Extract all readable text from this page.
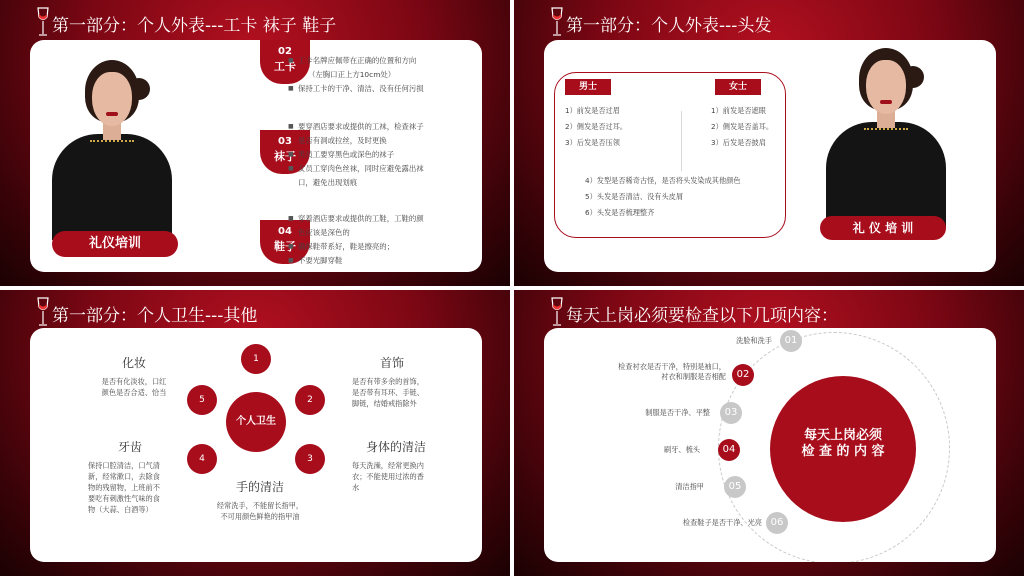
第一部分：个人外表---工卡 袜子 鞋子
礼仪培训
02
工卡
03
袜子
04
鞋子
■ 工卡名牌应佩带在正确的位置和方向
（左胸口正上方10cm处）
■ 保持工卡的干净、清洁、没有任何污损
■ 要穿酒店要求或提供的工袜，检查袜子
是否有洞或拉丝，及时更换
■ 男员工要穿黑色或深色的袜子
■ 女员工穿肉色丝袜，同时应避免露出袜
口，避免出现划痕
■ 穿着酒店要求或提供的工鞋，工鞋的颜
色应该是深色的
■ 确保鞋带系好，鞋是擦亮的；
■ 不要光脚穿鞋
第一部分：个人外表---头发
男士	女士
1）前发是否过眉
2）侧发是否过耳。
3）后发是否压领
1）前发是否遮眼
2）侧发是否盖耳。
3）后发是否披肩
4）发型是否稀奇古怪，是否将头发染成其他颜色
5）头发是否清洁、没有头皮屑
6）头发是否梳理整齐
礼 仪 培 训
第一部分：个人卫生---其他
个人卫生
1
2
3
4
5
化妆
是否有化淡妆，口红
颜色是否合适、恰当
首饰
是否有带多余的首饰，
是否带有耳环、手链、
脚链，结婚戒指除外
身体的清洁
每天洗澡，经常更换内
衣；不能使用过浓的香
水
手的清洁
经常洗手，不能留长指甲，
不可用颜色鲜艳的指甲油
牙齿
保持口腔清洁，口气清
新，经常漱口，去除食
物的残留物，上班前不
要吃有刺激性气味的食
物（大蒜、白酒等）
每天上岗必须要检查以下几项内容：
每天上岗必须
检 查 的 内 容
01
洗脸和洗手
02
检查衬衣是否干净，特别是袖口，
衬衣和制服是否相配
03
制服是否干净、平整
04
刷牙、梳头
05
清洁指甲
06
检查鞋子是否干净、光亮
